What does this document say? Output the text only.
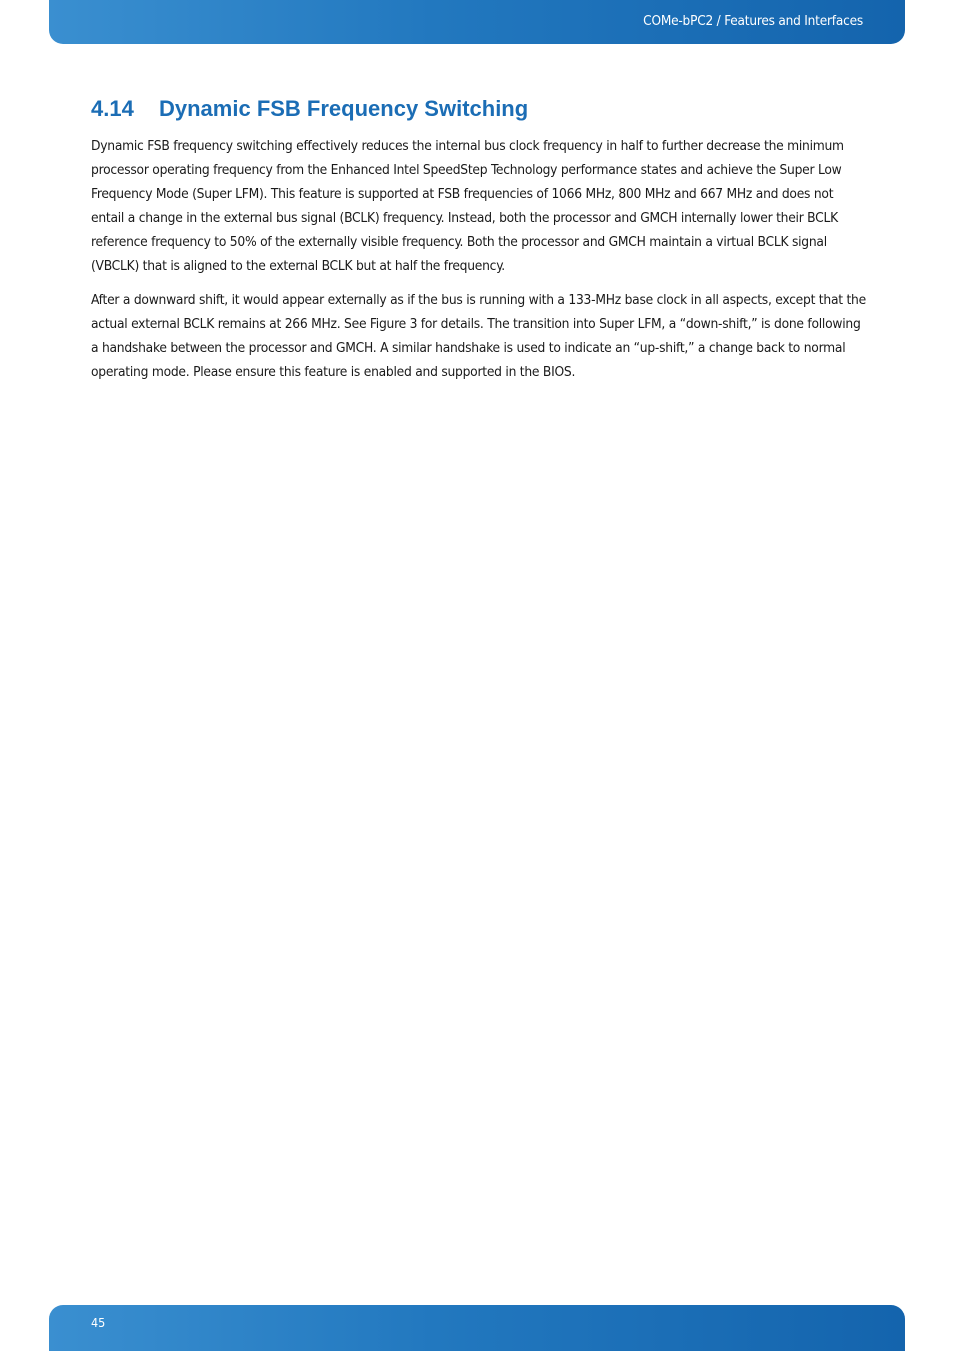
COMe-bPC2 / Features and Interfaces
4.14 Dynamic FSB Frequency Switching

Dynamic FSB frequency switching effectively reduces the internal bus clock frequency in half to further decrease the minimum processor operating frequency from the Enhanced Intel SpeedStep Technology performance states and achieve the Super Low Frequency Mode (Super LFM). This feature is supported at FSB frequencies of 1066 MHz, 800 MHz and 667 MHz and does not entail a change in the external bus signal (BCLK) frequency. Instead, both the processor and GMCH internally lower their BCLK reference frequency to 50% of the externally visible frequency. Both the processor and GMCH maintain a virtual BCLK signal (VBCLK) that is aligned to the external BCLK but at half the frequency.

After a downward shift, it would appear externally as if the bus is running with a 133-MHz base clock in all aspects, except that the actual external BCLK remains at 266 MHz. See Figure 3 for details. The transition into Super LFM, a “down-shift,” is done following a handshake between the processor and GMCH. A similar handshake is used to indicate an “up-shift,” a change back to normal operating mode. Please ensure this feature is enabled and supported in the BIOS.

45
